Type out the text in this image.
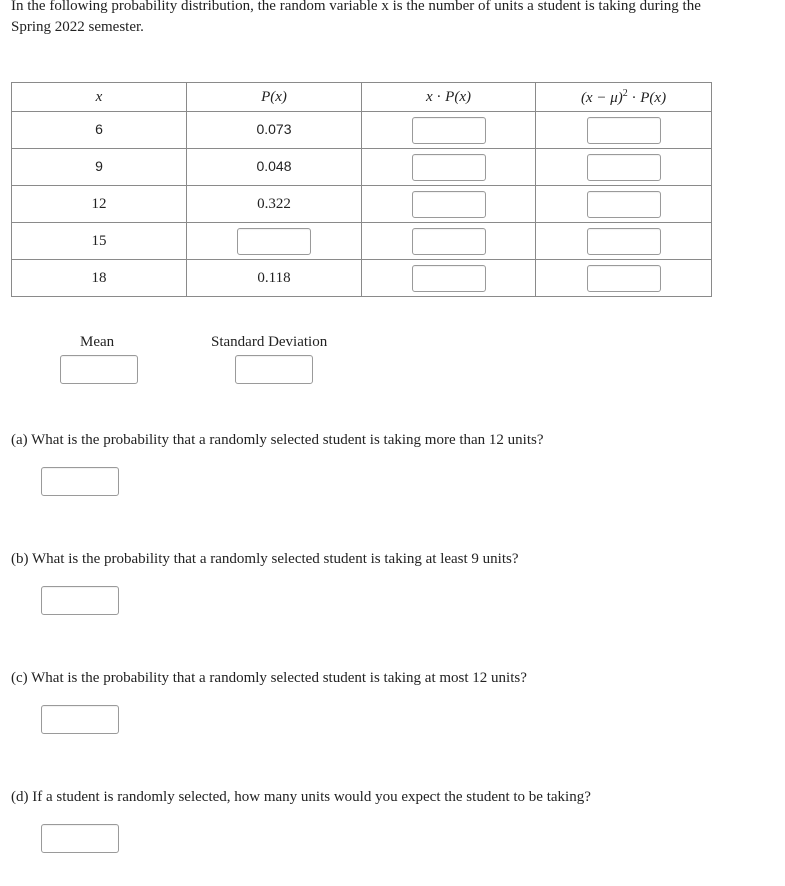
In the following probability distribution, the random variable x is the number of units a student is taking during the Spring 2022 semester.
x	P(x)	x · P(x)	$(x - \mu)^2 \cdot P(x)$
6	0.073		
9	0.048		
12	0.322		
15			
18	0.118		
Mean	Standard Deviation
(a) What is the probability that a randomly selected student is taking more than 12 units?
(b) What is the probability that a randomly selected student is taking at least 9 units?
(c) What is the probability that a randomly selected student is taking at most 12 units?
(d) If a student is randomly selected, how many units would you expect the student to be taking?
